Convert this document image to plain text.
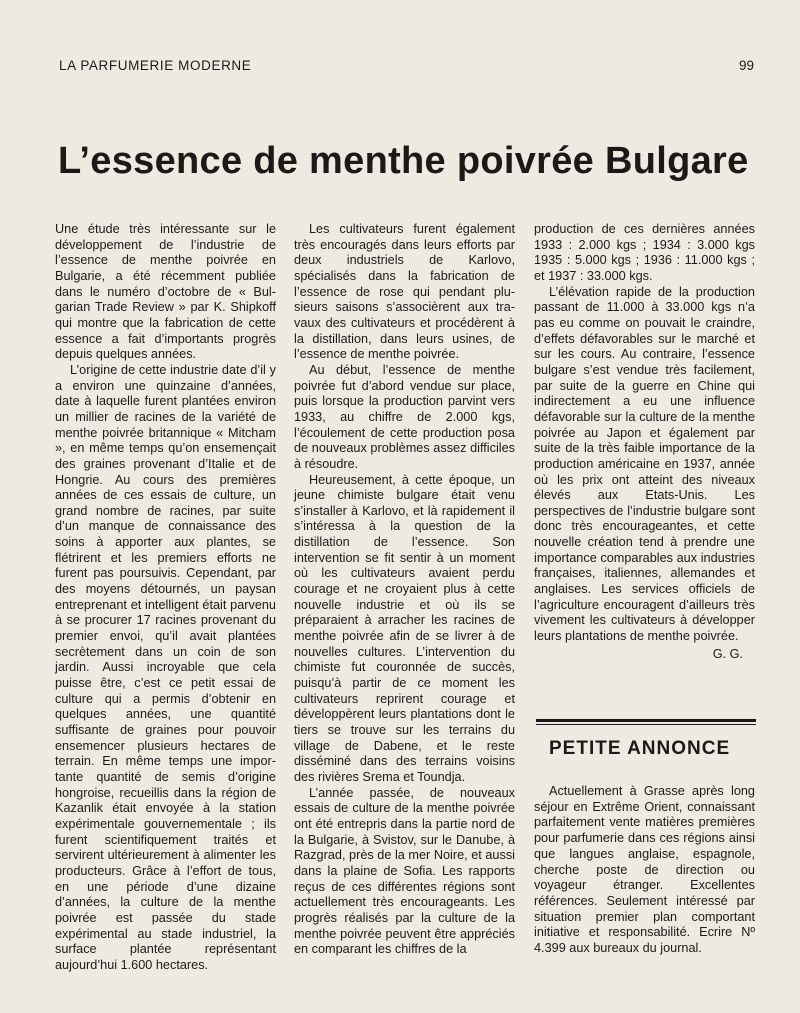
LA PARFUMERIE MODERNE	99
L’essence de menthe poivrée Bulgare

Une étude très intéressante sur le développement de l’industrie de l’essence de menthe poivrée en Bulgarie, a été récemment publiée dans le numéro d’octobre de « Bulgarian Trade Review » par K. Shipkoff qui montre que la fabrication de cette essence a fait d’importants progrès depuis quelques années.

L’origine de cette industrie date d’il y a environ une quinzaine d’années, date à laquelle furent plantées environ un millier de racines de la variété de menthe poivrée britannique « Mitcham », en même temps qu’on ensemençait des graines provenant d’Italie et de Hongrie. Au cours des premières années de ces essais de culture, un grand nombre de racines, par suite d’un manque de connaissance des soins à apporter aux plantes, se flétrirent et les premiers efforts ne furent pas poursuivis. Cependant, par des moyens détournés, un paysan entreprenant et intelligent était parvenu à se procurer 17 racines provenant du premier envoi, qu’il avait plantées secrètement dans un coin de son jardin. Aussi incroyable que cela puisse être, c’est ce petit essai de culture qui a permis d’obtenir en quelques années, une quantité suffisante de graines pour pouvoir ensemencer plusieurs hectares de terrain. En même temps une importante quantité de semis d’origine hongroise, recueillis dans la région de Kazanlik était envoyée à la station expérimentale gouvernementale ; ils furent scientifiquement traités et servirent ultérieurement à alimenter les producteurs. Grâce à l’effort de tous, en une période d’une dizaine d’années, la culture de la menthe poivrée est passée du stade expérimental au stade industriel, la surface plantée représentant aujourd’hui 1.600 hectares.

Les cultivateurs furent également très encouragés dans leurs efforts par deux industriels de Karlovo, spécialisés dans la fabrication de l’essence de rose qui pendant plusieurs saisons s’associèrent aux travaux des cultivateurs et procédèrent à la distillation, dans leurs usines, de l’essence de menthe poivrée.

Au début, l’essence de menthe poivrée fut d’abord vendue sur place, puis lorsque la production parvint vers 1933, au chiffre de 2.000 kgs, l’écoulement de cette production posa de nouveaux problèmes assez difficiles à résoudre.

Heureusement, à cette époque, un jeune chimiste bulgare était venu s’installer à Karlovo, et là rapidement il s’intéressa à la question de la distillation de l’essence. Son intervention se fit sentir à un moment où les cultivateurs avaient perdu courage et ne croyaient plus à cette nouvelle industrie et où ils se préparaient à arracher les racines de menthe poivrée afin de se livrer à de nouvelles cultures. L’intervention du chimiste fut couronnée de succès, puisqu’à partir de ce moment les cultivateurs reprirent courage et développèrent leurs plantations dont le tiers se trouve sur les terrains du village de Dabene, et le reste disséminé dans des terrains voisins des rivières Srema et Toundja.

L’année passée, de nouveaux essais de culture de la menthe poivrée ont été entrepris dans la partie nord de la Bulgarie, à Svistov, sur le Danube, à Razgrad, près de la mer Noire, et aussi dans la plaine de Sofia. Les rapports reçus de ces différentes régions sont actuellement très encourageants. Les progrès réalisés par la culture de la menthe poivrée peuvent être appréciés en comparant les chiffres de la

production de ces dernières années 1933 : 2.000 kgs ; 1934 : 3.000 kgs 1935 : 5.000 kgs ; 1936 : 11.000 kgs ; et 1937 : 33.000 kgs.

L’élévation rapide de la production passant de 11.000 à 33.000 kgs n’a pas eu comme on pouvait le craindre, d’effets défavorables sur le marché et sur les cours. Au contraire, l’essence bulgare s’est vendue très facilement, par suite de la guerre en Chine qui indirectement a eu une influence défavorable sur la culture de la menthe poivrée au Japon et également par suite de la très faible importance de la production américaine en 1937, année où les prix ont atteint des niveaux élevés aux Etats-Unis. Les perspectives de l’industrie bulgare sont donc très encourageantes, et cette nouvelle création tend à prendre une importance comparables aux industries françaises, italiennes, allemandes et anglaises. Les services officiels de l’agriculture encouragent d’ailleurs très vivement les cultivateurs à développer leurs plantations de menthe poivrée.

G. G.
PETITE ANNONCE

Actuellement à Grasse après long séjour en Extrême Orient, connaissant parfaitement vente matières premières pour parfumerie dans ces régions ainsi que langues anglaise, espagnole, cherche poste de direction ou voyageur étranger. Excellentes références. Seulement intéressé par situation premier plan comportant initiative et responsabilité. Ecrire Nº 4.399 aux bureaux du journal.
